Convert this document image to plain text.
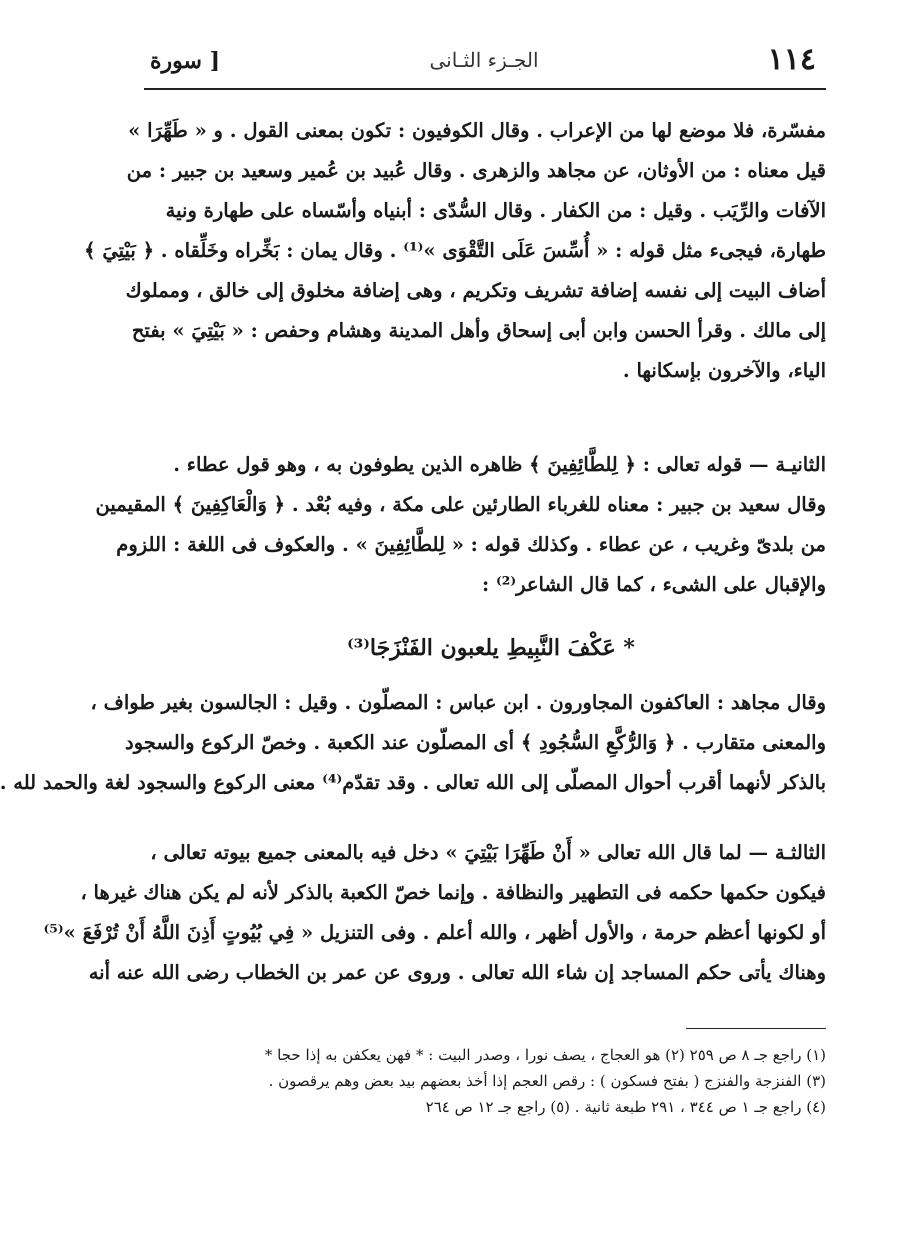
١١٤
الجـزء الثـانى
[ سورة
مفسّرة، فلا موضع لها من الإعراب . وقال الكوفيون : تكون بمعنى القول . و « طَهِّرَا »
قيل معناه : من الأوثان، عن مجاهد والزهرى . وقال عُبيد بن عُمير وسعيد بن جبير : من
الآفات والرِّيَب . وقيل : من الكفار . وقال السُّدّى : أبنياه وأسّساه على طهارة ونية
طهارة، فيجىء مثل قوله : « أُسِّسَ عَلَى التَّقْوَى »⁽¹⁾ . وقال يمان : بَخِّراه وخَلِّقاه . ﴿ بَيْتِيَ ﴾
أضاف البيت إلى نفسه إضافة تشريف وتكريم ، وهى إضافة مخلوق إلى خالق ، ومملوك
إلى مالك . وقرأ الحسن وابن أبى إسحاق وأهل المدينة وهشام وحفص : « بَيْتِيَ » بفتح
الياء، والآخرون بإسكانها .
الثانيـة — قوله تعالى : ﴿ لِلطَّائِفِينَ ﴾ ظاهره الذين يطوفون به ، وهو قول عطاء .
وقال سعيد بن جبير : معناه للغرباء الطارئين على مكة ، وفيه بُعْد . ﴿ وَالْعَاكِفِينَ ﴾ المقيمين
من بلدىّ وغريب ، عن عطاء . وكذلك قوله : « لِلطَّائِفِينَ » . والعكوف فى اللغة : اللزوم
والإقبال على الشىء ، كما قال الشاعر⁽²⁾ :
* عَكْفَ النَّبِيطِ يلعبون الفَنْزَجَا⁽³⁾
وقال مجاهد : العاكفون المجاورون . ابن عباس : المصلّون . وقيل : الجالسون بغير طواف ،
والمعنى متقارب . ﴿ وَالرُّكَّعِ السُّجُودِ ﴾ أى المصلّون عند الكعبة . وخصّ الركوع والسجود
بالذكر لأنهما أقرب أحوال المصلّى إلى الله تعالى . وقد تقدّم⁽⁴⁾ معنى الركوع والسجود لغة والحمد لله .
الثالثـة — لما قال الله تعالى « أَنْ طَهِّرَا بَيْتِيَ » دخل فيه بالمعنى جميع بيوته تعالى ،
فيكون حكمها حكمه فى التطهير والنظافة . وإنما خصّ الكعبة بالذكر لأنه لم يكن هناك غيرها ،
أو لكونها أعظم حرمة ، والأول أظهر ، والله أعلم . وفى التنزيل « فِي بُيُوتٍ أَذِنَ اللَّهُ أَنْ تُرْفَعَ »⁽⁵⁾
وهناك يأتى حكم المساجد إن شاء الله تعالى . وروى عن عمر بن الخطاب رضى الله عنه أنه
(١) راجع جـ ٨ ص ٢٥٩ (٢) هو العجاج ، يصف نورا ، وصدر البيت : * فهن يعكفن به إذا حجا *
(٣) الفنزجة والفنزج ( بفتح فسكون ) : رقص العجم إذا أخذ بعضهم بيد بعض وهم يرقصون .
(٤) راجع جـ ١ ص ٣٤٤ ، ٢٩١ طبعة ثانية . (٥) راجع جـ ١٢ ص ٢٦٤
